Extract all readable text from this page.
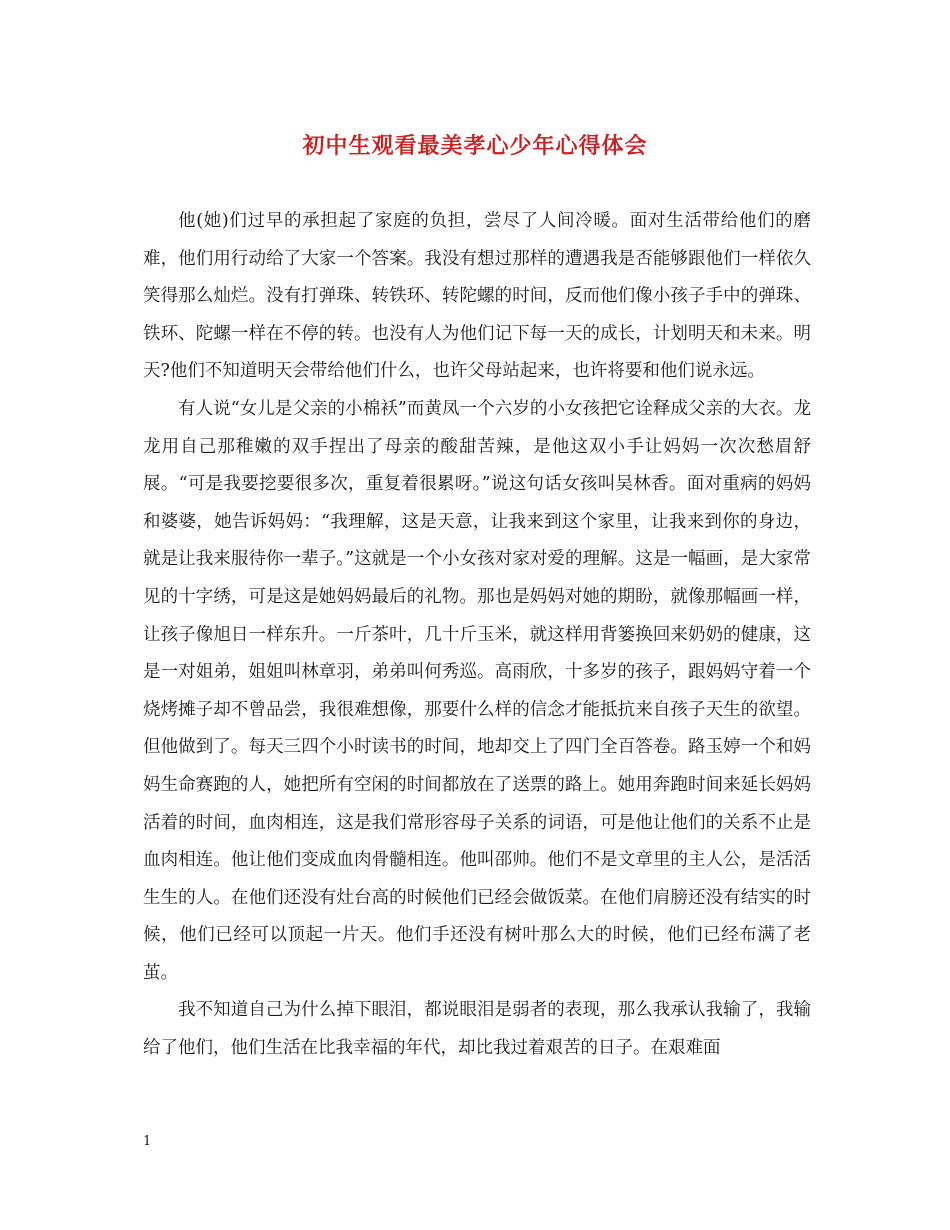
初中生观看最美孝心少年心得体会

他(她)们过早的承担起了家庭的负担，尝尽了人间冷暖。面对生活带给他们的磨难，他们用行动给了大家一个答案。我没有想过那样的遭遇我是否能够跟他们一样依久笑得那么灿烂。没有打弹珠、转铁环、转陀螺的时间，反而他们像小孩子手中的弹珠、铁环、陀螺一样在不停的转。也没有人为他们记下每一天的成长，计划明天和未来。明天?他们不知道明天会带给他们什么，也许父母站起来，也许将要和他们说永远。

有人说“女儿是父亲的小棉袄”而黄凤一个六岁的小女孩把它诠释成父亲的大衣。龙龙用自己那稚嫩的双手捏出了母亲的酸甜苦辣，是他这双小手让妈妈一次次愁眉舒展。“可是我要挖要很多次，重复着很累呀。”说这句话女孩叫吴林香。面对重病的妈妈和婆婆，她告诉妈妈：“我理解，这是天意，让我来到这个家里，让我来到你的身边，就是让我来服待你一辈子。”这就是一个小女孩对家对爱的理解。这是一幅画，是大家常见的十字绣，可是这是她妈妈最后的礼物。那也是妈妈对她的期盼，就像那幅画一样，让孩子像旭日一样东升。一斤茶叶，几十斤玉米，就这样用背篓换回来奶奶的健康，这是一对姐弟，姐姐叫林章羽，弟弟叫何秀巡。高雨欣，十多岁的孩子，跟妈妈守着一个烧烤摊子却不曾品尝，我很难想像，那要什么样的信念才能抵抗来自孩子天生的欲望。但他做到了。每天三四个小时读书的时间，地却交上了四门全百答卷。路玉婷一个和妈妈生命赛跑的人，她把所有空闲的时间都放在了送票的路上。她用奔跑时间来延长妈妈活着的时间，血肉相连，这是我们常形容母子关系的词语，可是他让他们的关系不止是血肉相连。他让他们变成血肉骨髓相连。他叫邵帅。他们不是文章里的主人公，是活活生生的人。在他们还没有灶台高的时候他们已经会做饭菜。在他们肩膀还没有结实的时候，他们已经可以顶起一片天。他们手还没有树叶那么大的时候，他们已经布满了老茧。

我不知道自己为什么掉下眼泪，都说眼泪是弱者的表现，那么我承认我输了，我输给了他们，他们生活在比我幸福的年代，却比我过着艰苦的日子。在艰难面

1
